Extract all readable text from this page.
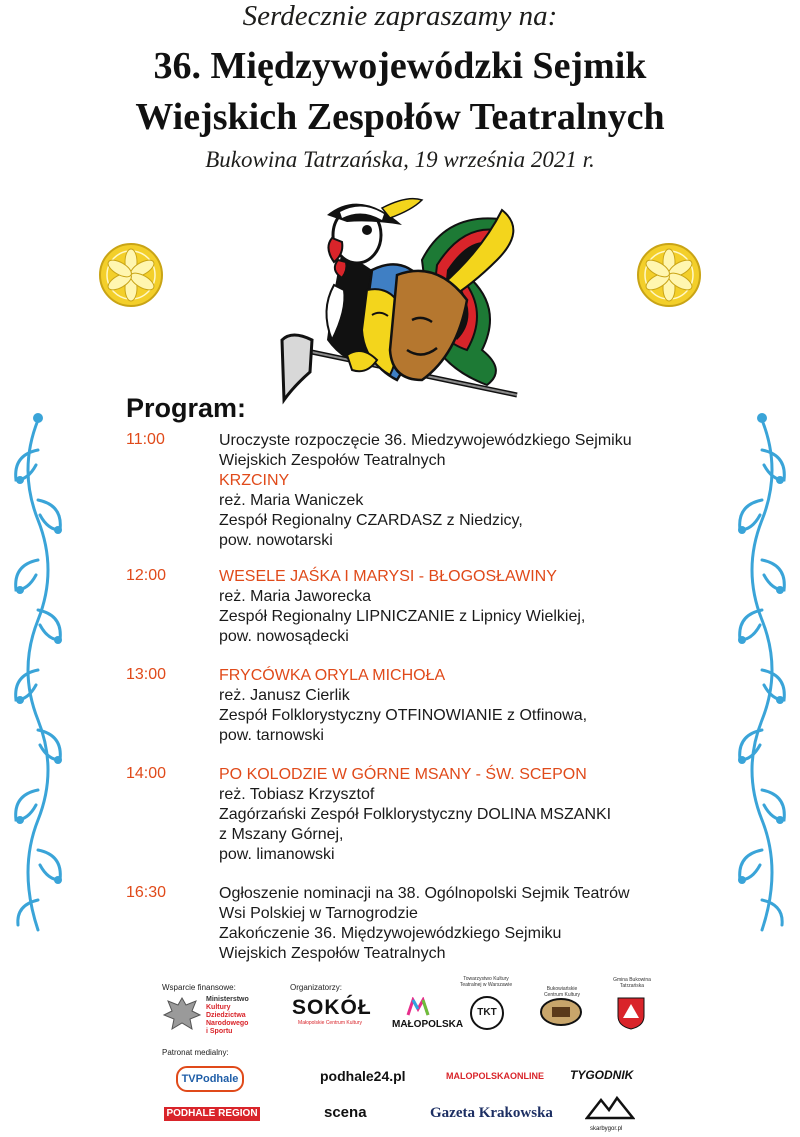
Serdecznie zapraszamy na:
36. Międzywojewódzki Sejmik
Wiejskich Zespołów Teatralnych
Bukowina Tatrzańska, 19 września 2021 r.
Program:
11:00	Uroczyste rozpoczęcie 36. Miedzywojewódzkiego Sejmiku
Wiejskich Zespołów Teatralnych
KRZCINY
reż. Maria Waniczek
Zespół Regionalny CZARDASZ z Niedzicy,
pow. nowotarski
12:00	WESELE JAŚKA I MARYSI - BŁOGOSŁAWINY
reż. Maria Jaworecka
Zespół Regionalny LIPNICZANIE z Lipnicy Wielkiej,
pow. nowosądecki
13:00	FRYCÓWKA ORYLA MICHOŁA
reż. Janusz Cierlik
Zespół Folklorystyczny OTFINOWIANIE z Otfinowa,
pow. tarnowski
14:00	PO KOLODZIE W GÓRNE MSANY - ŚW. SCEPON
reż. Tobiasz Krzysztof
Zagórzański Zespół Folklorystyczny DOLINA MSZANKI
z Mszany Górnej,
pow. limanowski
16:30	Ogłoszenie nominacji na 38. Ogólnopolski Sejmik Teatrów
Wsi Polskiej w Tarnogrodzie
Zakończenie 36. Międzywojewódzkiego Sejmiku
Wiejskich Zespołów Teatralnych
Wsparcie finansowe:	Organizatorzy:
Ministerstwo
Kultury
Dziedzictwa
Narodowego
i Sportu
SOKÓŁ
Małopolskie Centrum Kultury	MAŁOPOLSKA
Towarzystwo Kultury Teatralnej w Warszawie
TKT
Bukowiańskie Centrum Kultury
Gmina Bukowina Tatrzańska
Patronat medialny:
TVPodhale	podhale24.pl	MALOPOLSKAONLINE TYGODNIK
PODHALE REGION	scena	Gazeta Krakowska
skarbygor.pl
